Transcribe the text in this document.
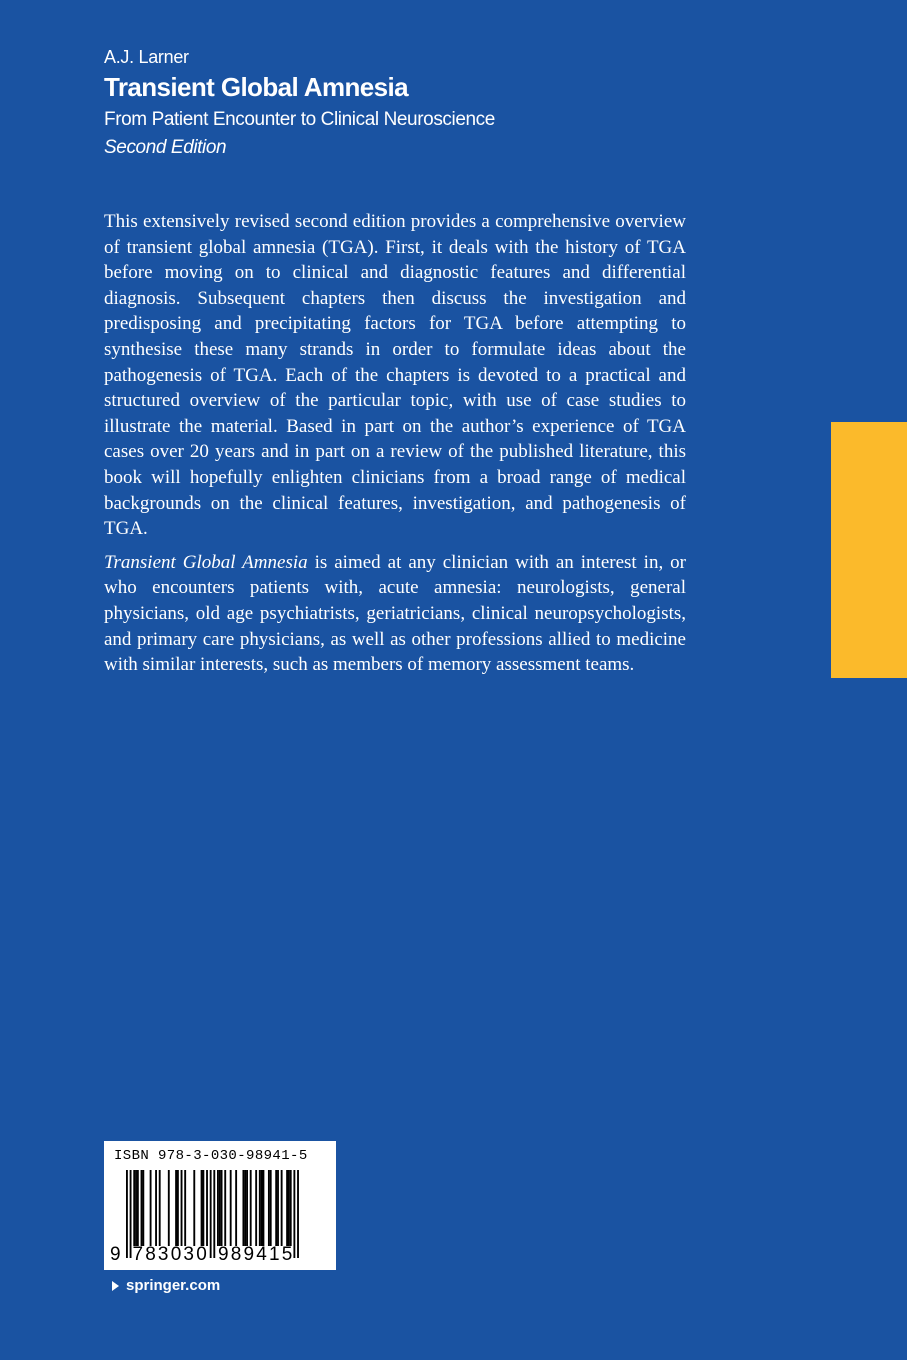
A.J. Larner
Transient Global Amnesia
From Patient Encounter to Clinical Neuroscience
Second Edition

This extensively revised second edition provides a comprehensive overview of transient global amnesia (TGA). First, it deals with the history of TGA before moving on to clinical and diagnostic features and differential diagnosis. Subsequent chapters then discuss the investigation and predisposing and precipitating factors for TGA before attempting to synthesise these many strands in order to formulate ideas about the pathogenesis of TGA. Each of the chapters is devoted to a practical and structured overview of the particular topic, with use of case studies to illustrate the material. Based in part on the author’s experience of TGA cases over 20 years and in part on a review of the published literature, this book will hopefully enlighten clinicians from a broad range of medical backgrounds on the clinical features, investigation, and pathogenesis of TGA.

Transient Global Amnesia is aimed at any clinician with an interest in, or who encounters patients with, acute amnesia: neurologists, general physicians, old age psychiatrists, geriatricians, clinical neuropsychologists, and primary care physicians, as well as other professions allied to medicine with similar interests, such as members of memory assessment teams.

ISBN 978-3-030-98941-5
9 7 8 3 0 3 0 9 8 9 4 1 5
springer.com
